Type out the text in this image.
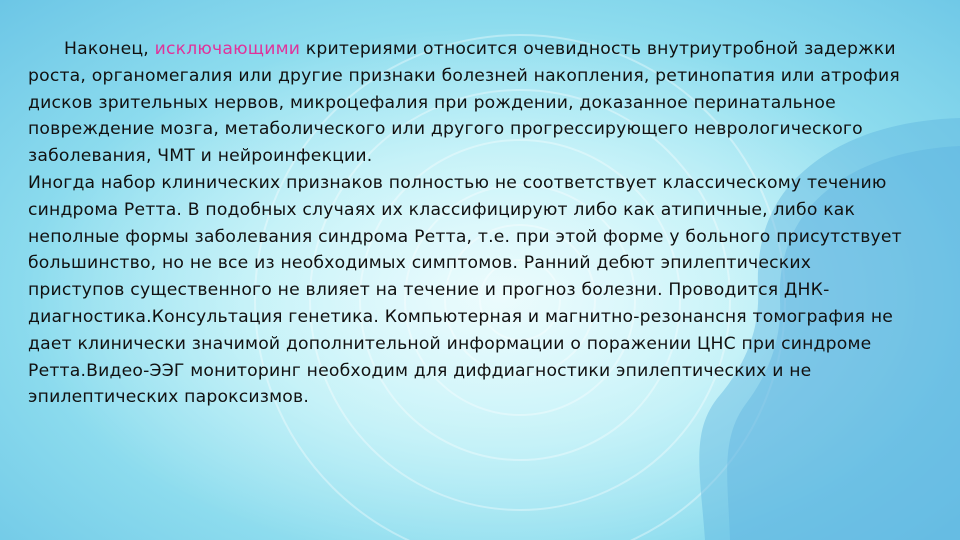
Наконец, исключающими критериями относится очевидность внутриутробной задержки роста, органомегалия или другие признаки болезней накопления, ретинопатия или атрофия дисков зрительных нервов, микроцефалия при рождении, доказанное перинатальное повреждение мозга, метаболического или другого прогрессирующего неврологического заболевания, ЧМТ и нейроинфекции.

Иногда набор клинических признаков полностью не соответствует классическому течению синдрома Ретта. В подобных случаях их классифицируют либо как атипичные, либо как неполные формы заболевания синдрома Ретта, т.е. при этой форме у больного присутствует большинство, но не все из необходимых симптомов. Ранний дебют эпилептических приступов существенного не влияет на течение и прогноз болезни. Проводится ДНК-диагностика.Консультация генетика. Компьютерная и магнитно-резонансня томография не дает клинически значимой дополнительной информации о поражении ЦНС при синдроме Ретта.Видео-ЭЭГ мониторинг необходим для дифдиагностики эпилептических и не эпилептических пароксизмов.
